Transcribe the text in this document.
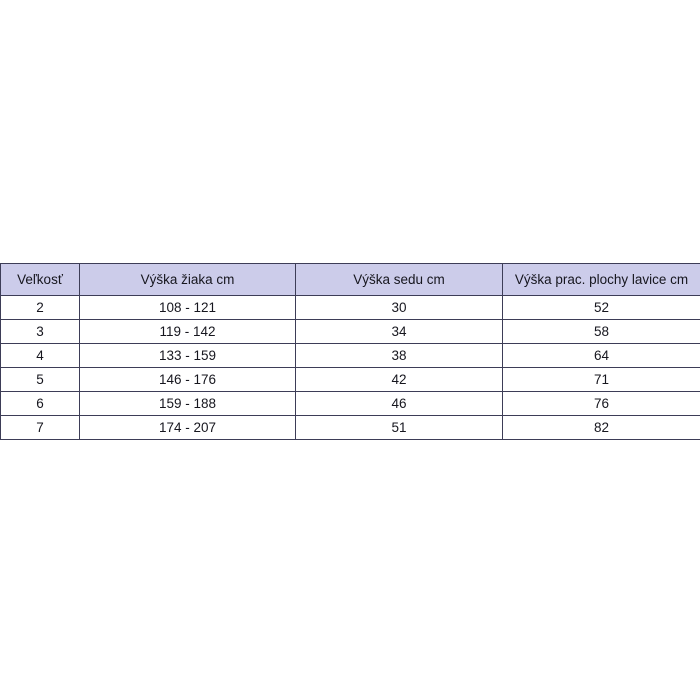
Veľkosť	Výška žiaka cm	Výška sedu cm	Výška prac. plochy lavice cm
2	108 - 121	30	52
3	119 - 142	34	58
4	133 - 159	38	64
5	146 - 176	42	71
6	159 - 188	46	76
7	174 - 207	51	82
